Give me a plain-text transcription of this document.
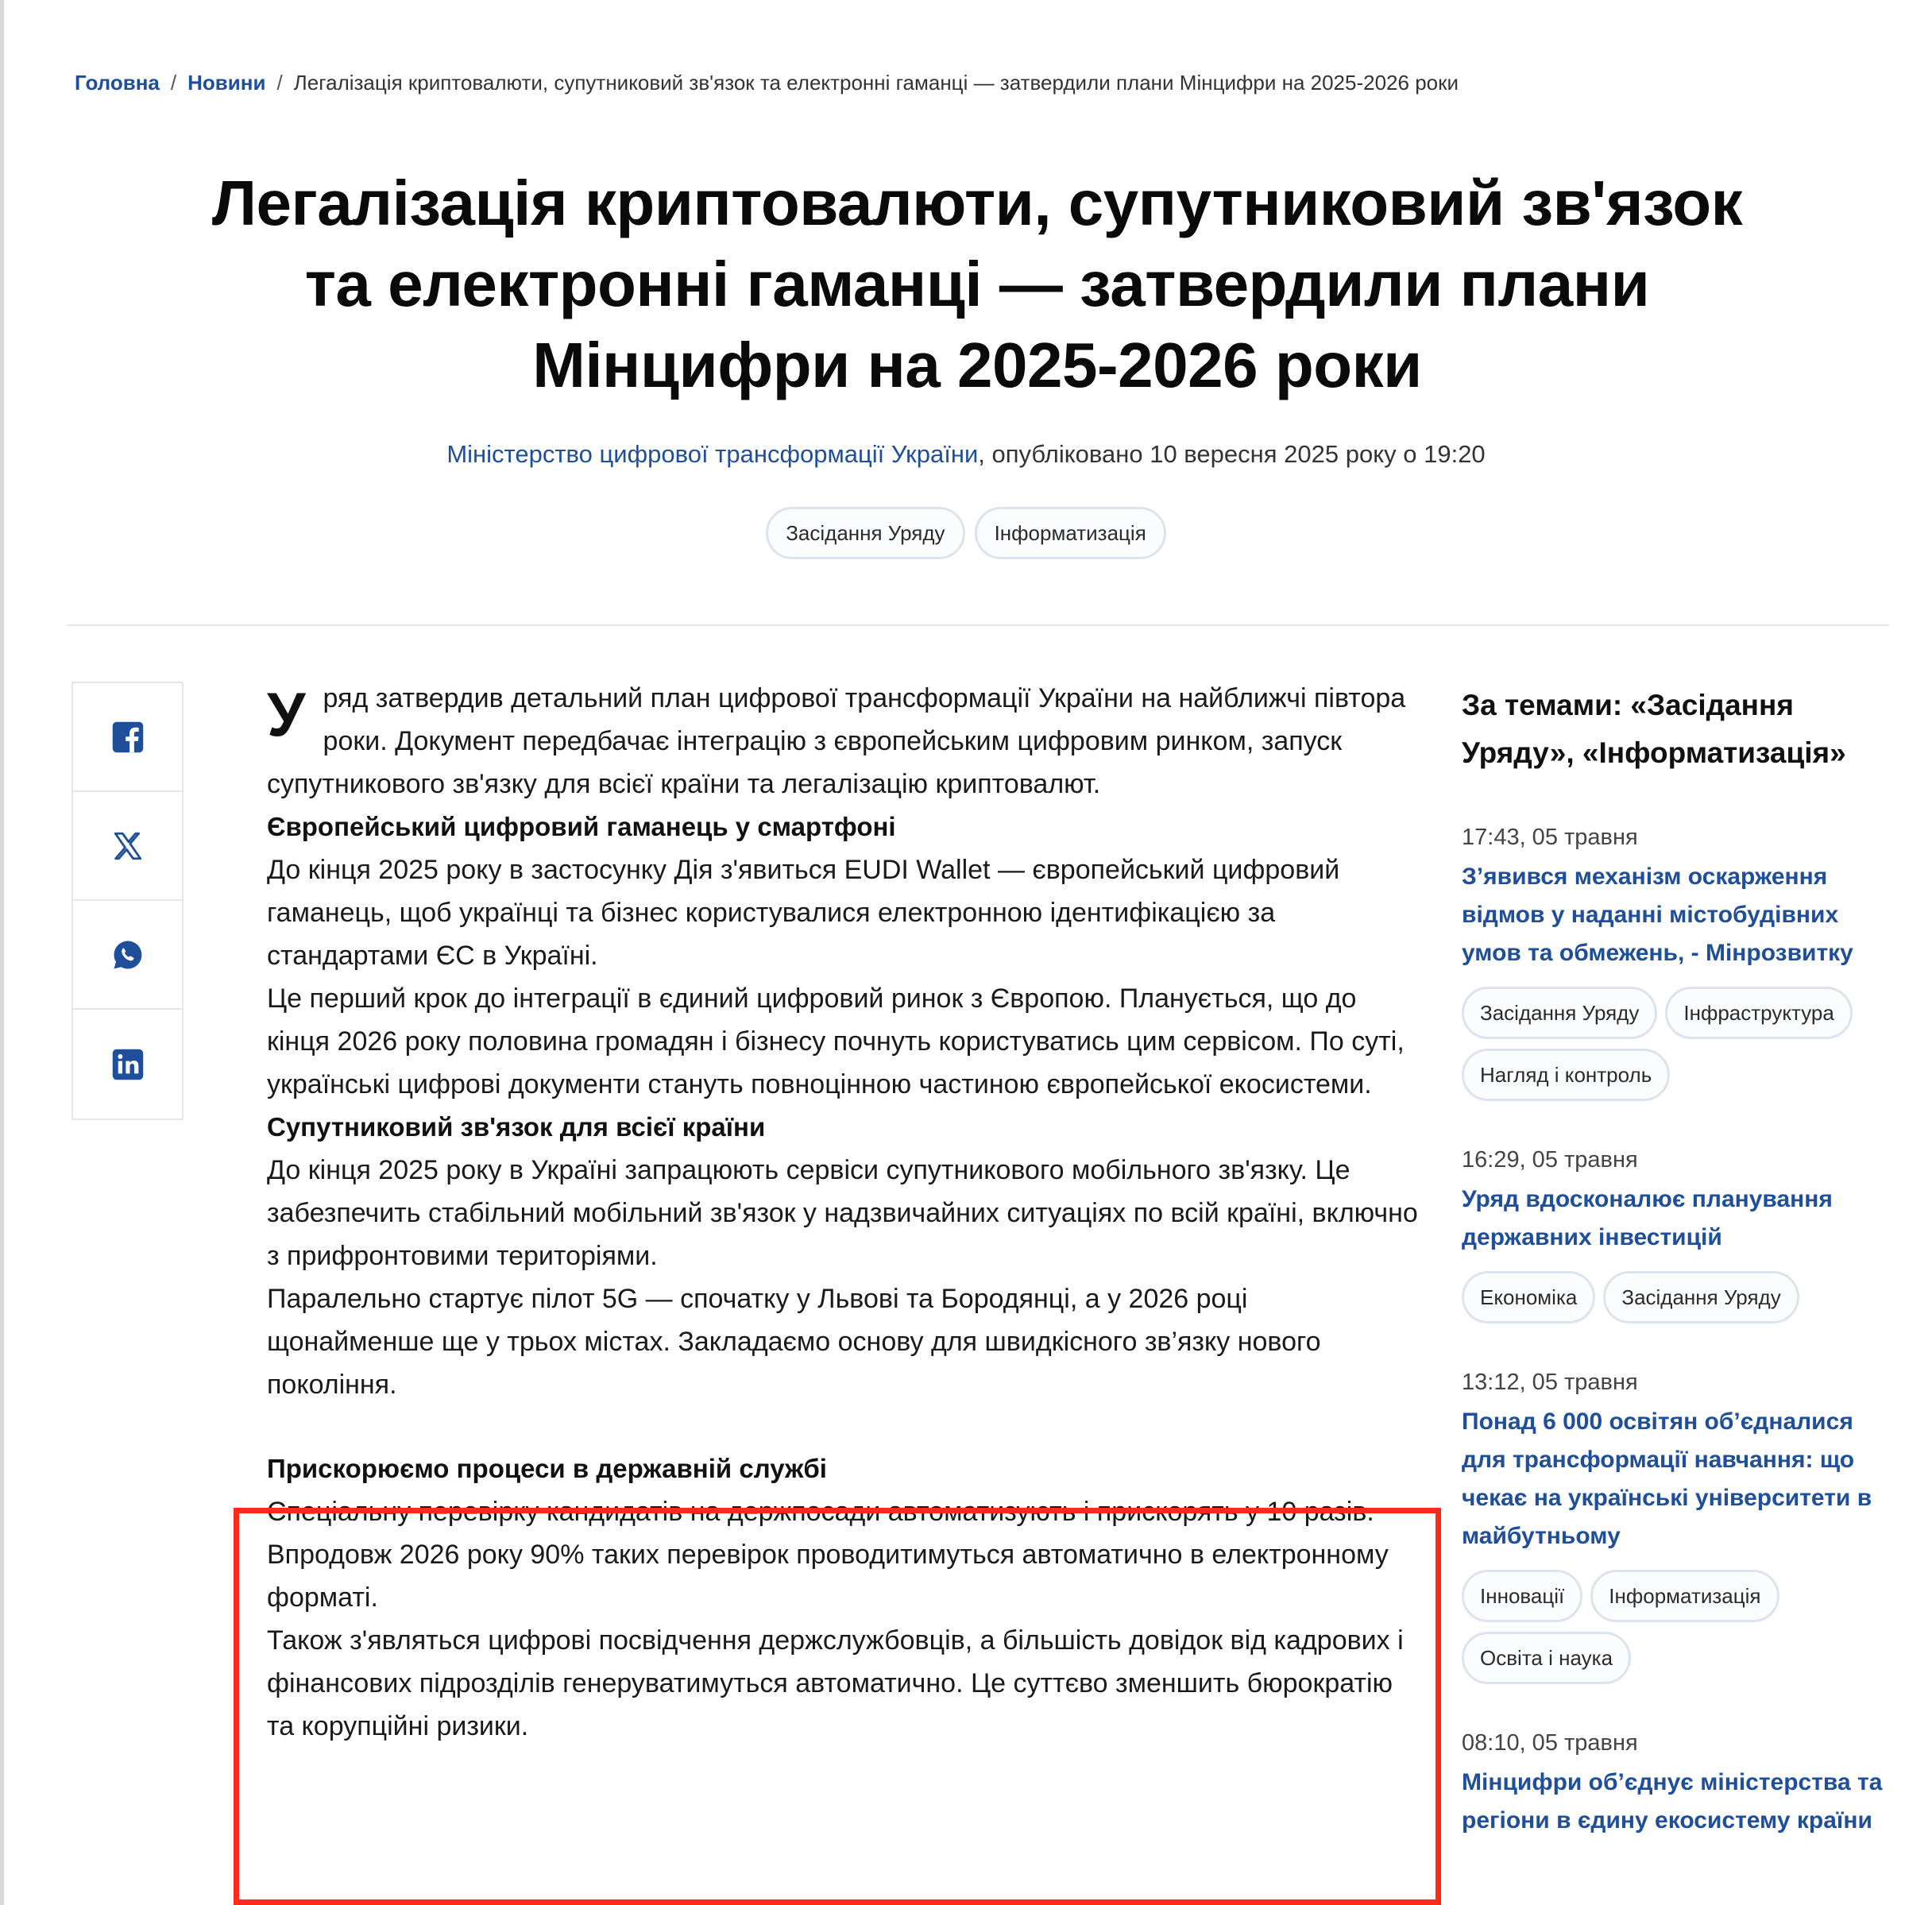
Головна / Новини / Легалізація криптовалюти, супутниковий зв'язок та електронні гаманці — затвердили плани Мінцифри на 2025-2026 роки
Легалізація криптовалюти, супутниковий зв'язок та електронні гаманці — затвердили плани Мінцифри на 2025-2026 роки
Міністерство цифрової трансформації України, опубліковано 10 вересня 2025 року о 19:20
Засідання Уряду	Інформатизація

Уряд затвердив детальний план цифрової трансформації України на найближчі півтора роки. Документ передбачає інтеграцію з європейським цифровим ринком, запуск супутникового зв'язку для всієї країни та легалізацію криптовалют.

Європейський цифровий гаманець у смартфоні

До кінця 2025 року в застосунку Дія з'явиться EUDI Wallet — європейський цифровий гаманець, щоб українці та бізнес користувалися електронною ідентифікацією за стандартами ЄС в Україні.

Це перший крок до інтеграції в єдиний цифровий ринок з Європою. Планується, що до кінця 2026 року половина громадян і бізнесу почнуть користуватись цим сервісом. По суті, українські цифрові документи стануть повноцінною частиною європейської екосистеми.

Супутниковий зв'язок для всієї країни

До кінця 2025 року в Україні запрацюють сервіси супутникового мобільного зв'язку. Це забезпечить стабільний мобільний зв'язок у надзвичайних ситуаціях по всій країні, включно з прифронтовими територіями.

Паралельно стартує пілот 5G — спочатку у Львові та Бородянці, а у 2026 році щонайменше ще у трьох містах. Закладаємо основу для швидкісного зв’язку нового покоління.

Прискорюємо процеси в державній службі

Спеціальну перевірку кандидатів на держпосади автоматизують і прискорять у 10 разів. Впродовж 2026 року 90% таких перевірок проводитимуться автоматично в електронному форматі.

Також з'являться цифрові посвідчення держслужбовців, а більшість довідок від кадрових і фінансових підрозділів генеруватимуться автоматично. Це суттєво зменшить бюрократію та корупційні ризики.

За темами: «Засідання Уряду», «Інформатизація»
17:43, 05 травня
З’явився механізм оскарження відмов у наданні містобудівних умов та обмежень, - Мінрозвитку
Засідання Уряду	Інфраструктура
Нагляд і контроль
16:29, 05 травня
Уряд вдосконалює планування державних інвестицій
Економіка	Засідання Уряду
13:12, 05 травня
Понад 6 000 освітян об’єдналися для трансформації навчання: що чекає на українські університети в майбутньому
Інновації	Інформатизація
Освіта і наука
08:10, 05 травня
Мінцифри об’єднує міністерства та регіони в єдину екосистему країни
